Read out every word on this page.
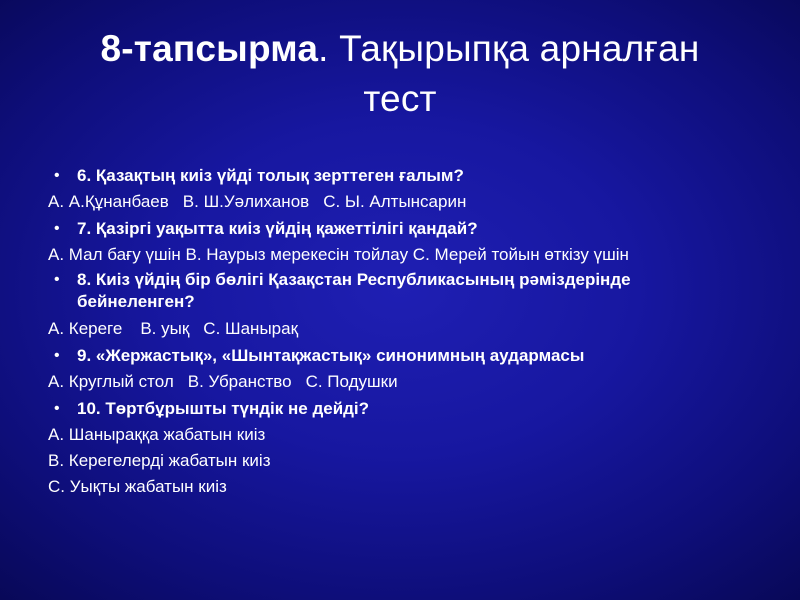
8-тапсырма. Тақырыпқа арналған тест
• 6. Қазақтың киіз үйді толық зерттеген ғалым?
А. А.Құнанбаев В. Ш.Уәлиханов С. Ы. Алтынсарин
• 7. Қазіргі уақытта киіз үйдің қажеттілігі қандай?
А. Мал бағу үшін В. Наурыз мерекесін тойлау С. Мерей тойын өткізу үшін
• 8. Киіз үйдің бір бөлігі Қазақстан Республикасының рәміздерінде бейнеленген?
А. Кереге В. уық С. Шанырақ
• 9. «Жержастық», «Шынтақжастық» синонимның аудармасы
А. Круглый стол В. Убранство С. Подушки
• 10. Төртбұрышты түндік не дейді?
А. Шаныраққа жабатын киіз
В. Керегелерді жабатын киіз
С. Уықты жабатын киіз
